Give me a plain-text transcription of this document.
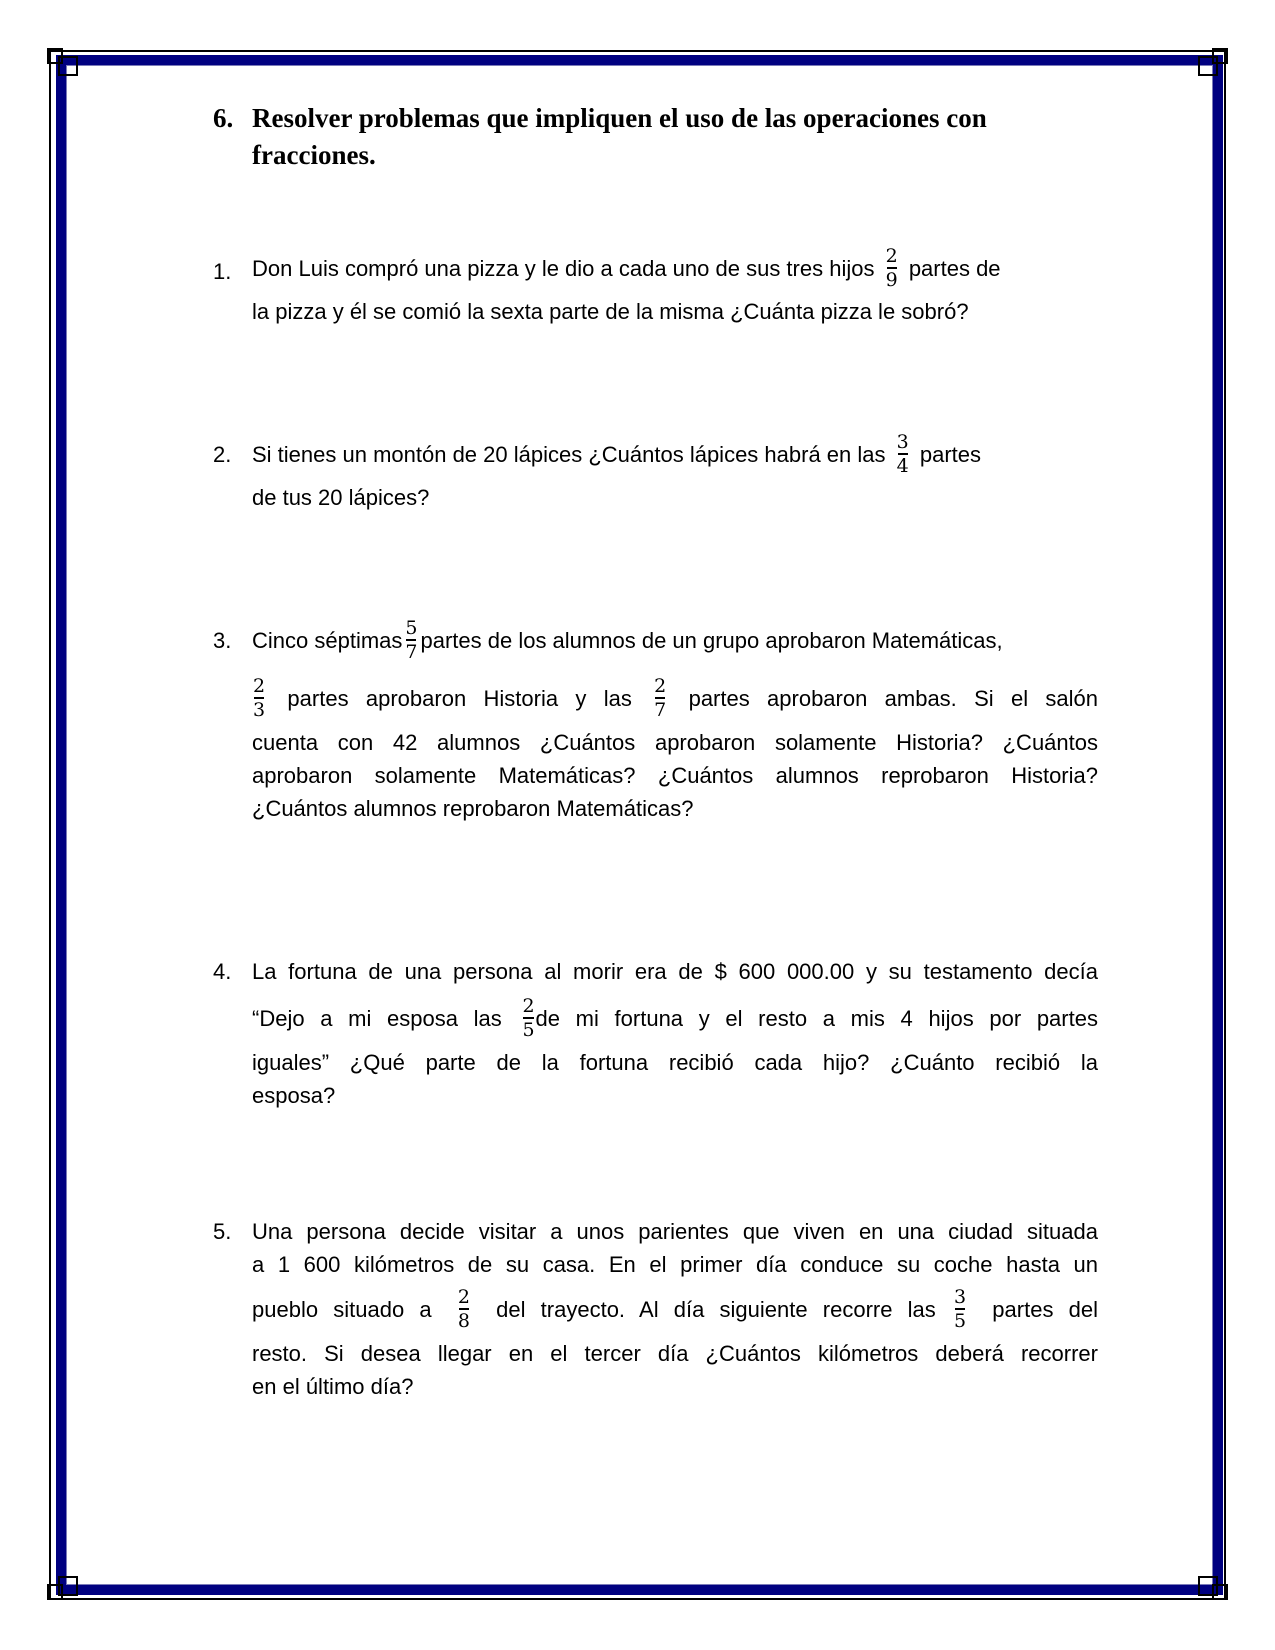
6. Resolver problemas que impliquen el uso de las operaciones con fracciones.
1. Don Luis compró una pizza y le dio a cada uno de sus tres hijos $\frac{2}{9}$ partes de
la pizza y él se comió la sexta parte de la misma ¿Cuánta pizza le sobró?
2. Si tienes un montón de 20 lápices ¿Cuántos lápices habrá en las $\frac{3}{4}$ partes
de tus 20 lápices?
3. Cinco séptimas $\frac{5}{7}$ partes de los alumnos de un grupo aprobaron Matemáticas,
$\frac{2}{3}$ partes aprobaron Historia y las $\frac{2}{7}$ partes aprobaron ambas. Si el salón
cuenta con 42 alumnos ¿Cuántos aprobaron solamente Historia? ¿Cuántos
aprobaron solamente Matemáticas? ¿Cuántos alumnos reprobaron Historia?
¿Cuántos alumnos reprobaron Matemáticas?
4. La fortuna de una persona al morir era de $ 600 000.00 y su testamento decía
“Dejo a mi esposa las $\frac{2}{5}$ de mi fortuna y el resto a mis 4 hijos por partes
iguales” ¿Qué parte de la fortuna recibió cada hijo? ¿Cuánto recibió la
esposa?
5. Una persona decide visitar a unos parientes que viven en una ciudad situada
a 1 600 kilómetros de su casa. En el primer día conduce su coche hasta un
pueblo situado a $\frac{2}{8}$ del trayecto. Al día siguiente recorre las $\frac{3}{5}$ partes del
resto. Si desea llegar en el tercer día ¿Cuántos kilómetros deberá recorrer
en el último día?
